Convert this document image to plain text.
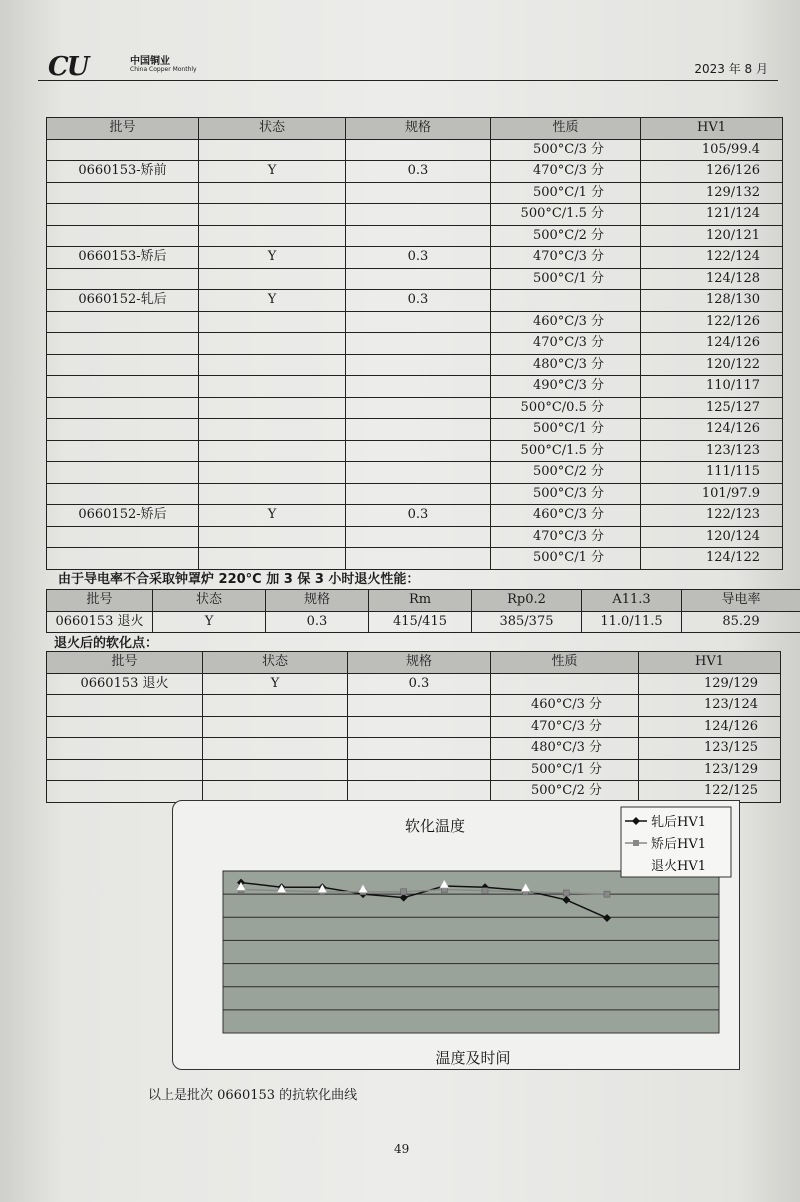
CU	中国铜业
China Copper Monthly	2023 年 8 月
批号	状态	规格	性质	HV1
			500°C/3 分	105/99.4
0660153-矫前	Y	0.3	470°C/3 分	126/126
			500°C/1 分	129/132
			500°C/1.5 分	121/124
			500°C/2 分	120/121
0660153-矫后	Y	0.3	470°C/3 分	122/124
			500°C/1 分	124/128
0660152-轧后	Y	0.3		128/130
			460°C/3 分	122/126
			470°C/3 分	124/126
			480°C/3 分	120/122
			490°C/3 分	110/117
			500°C/0.5 分	125/127
			500°C/1 分	124/126
			500°C/1.5 分	123/123
			500°C/2 分	111/115
			500°C/3 分	101/97.9
0660152-矫后	Y	0.3	460°C/3 分	122/123
			470°C/3 分	120/124
			500°C/1 分	124/122
由于导电率不合采取钟罩炉 220°C 加 3 保 3 小时退火性能：
批号	状态	规格	Rm	Rp0.2	A11.3	导电率
0660153 退火	Y	0.3	415/415	385/375	11.0/11.5	85.29
退火后的软化点：
批号	状态	规格	性质	HV1
0660153 退火	Y	0.3		129/129
			460°C/3 分	123/124
			470°C/3 分	124/126
			480°C/3 分	123/125
			500°C/1 分	123/129
			500°C/2 分	122/125
软化温度
温度及时间
轧后HV1
矫后HV1
退火HV1
以上是批次 0660153 的抗软化曲线
49
